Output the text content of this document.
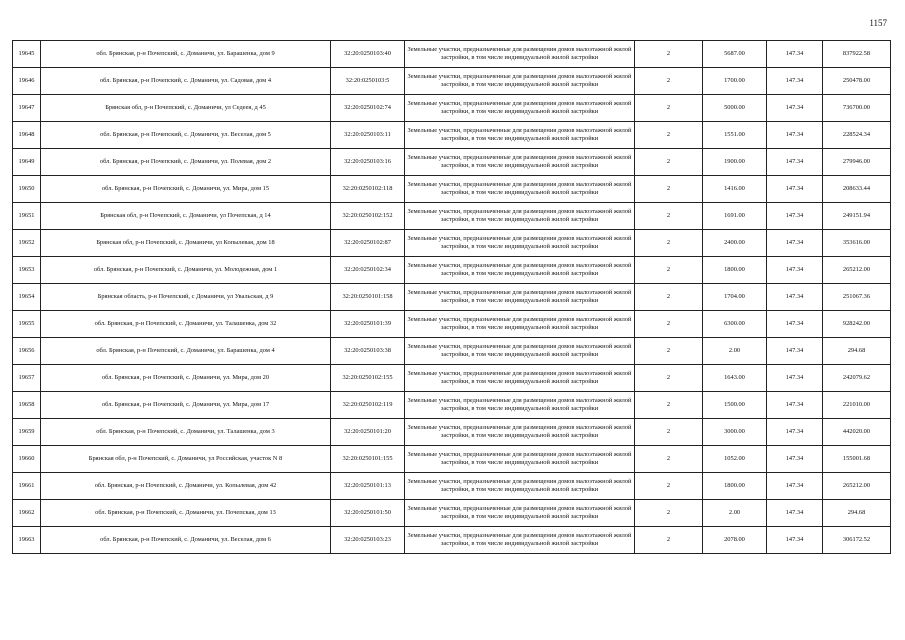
1157
19645	обл. Брянская, р-н Почепский, с. Доманичи, ул. Барашенка, дом 9	32:20:0250103:40	Земельные участки, предназначенные для размещения домов малоэтажной жилой застройки, в том числе индивидуальной жилой застройки	2	5687.00	147.34	837922.58
19646	обл. Брянская, р-н Почепский, с. Доманичи, ул. Садовая, дом 4	32:20:0250103:5	Земельные участки, предназначенные для размещения домов малоэтажной жилой застройки, в том числе индивидуальной жилой застройки	2	1700.00	147.34	250478.00
19647	Брянская обл, р-н Почепский, с. Доманичи, ул Седеея, д 45	32:20:0250102:74	Земельные участки, предназначенные для размещения домов малоэтажной жилой застройки, в том числе индивидуальной жилой застройки	2	5000.00	147.34	736700.00
19648	обл. Брянская, р-н Почепский, с. Доманичи, ул. Веселая, дом 5	32:20:0250103:11	Земельные участки, предназначенные для размещения домов малоэтажной жилой застройки, в том числе индивидуальной жилой застройки	2	1551.00	147.34	228524.34
19649	обл. Брянская, р-н Почепский, с. Доманичи, ул. Полевая, дом 2	32:20:0250103:16	Земельные участки, предназначенные для размещения домов малоэтажной жилой застройки, в том числе индивидуальной жилой застройки	2	1900.00	147.34	279946.00
19650	обл. Брянская, р-н Почепский, с. Доманичи, ул. Мира, дом 15	32:20:0250102:118	Земельные участки, предназначенные для размещения домов малоэтажной жилой застройки, в том числе индивидуальной жилой застройки	2	1416.00	147.34	208633.44
19651	Брянская обл, р-н Почепский, с. Доманичи, ул Почепская, д 14	32:20:0250102:152	Земельные участки, предназначенные для размещения домов малоэтажной жилой застройки, в том числе индивидуальной жилой застройки	2	1691.00	147.34	249151.94
19652	Брянская обл, р-н Почепский, с. Доманичи, ул Копылевая, дом 18	32:20:0250102:87	Земельные участки, предназначенные для размещения домов малоэтажной жилой застройки, в том числе индивидуальной жилой застройки	2	2400.00	147.34	353616.00
19653	обл. Брянская, р-н Почепский, с. Доманичи, ул. Молодежная, дом 1	32:20:0250102:34	Земельные участки, предназначенные для размещения домов малоэтажной жилой застройки, в том числе индивидуальной жилой застройки	2	1800.00	147.34	265212.00
19654	Брянская область, р-н Почепский, с Доманичи, ул Увальская, д 9	32:20:0250101:158	Земельные участки, предназначенные для размещения домов малоэтажной жилой застройки, в том числе индивидуальной жилой застройки	2	1704.00	147.34	251067.36
19655	обл. Брянская, р-н Почепский, с. Доманичи, ул. Талашенка, дом 32	32:20:0250101:39	Земельные участки, предназначенные для размещения домов малоэтажной жилой застройки, в том числе индивидуальной жилой застройки	2	6300.00	147.34	928242.00
19656	обл. Брянская, р-н Почепский, с. Доманичи, ул. Барашенка, дом 4	32:20:0250103:38	Земельные участки, предназначенные для размещения домов малоэтажной жилой застройки, в том числе индивидуальной жилой застройки	2	2.00	147.34	294.68
19657	обл. Брянская, р-н Почепский, с. Доманичи, ул. Мира, дом 20	32:20:0250102:155	Земельные участки, предназначенные для размещения домов малоэтажной жилой застройки, в том числе индивидуальной жилой застройки	2	1643.00	147.34	242079.62
19658	обл. Брянская, р-н Почепский, с. Доманичи, ул. Мира, дом 17	32:20:0250102:119	Земельные участки, предназначенные для размещения домов малоэтажной жилой застройки, в том числе индивидуальной жилой застройки	2	1500.00	147.34	221010.00
19659	обл. Брянская, р-н Почепский, с. Доманичи, ул. Талашенка, дом 3	32:20:0250101:20	Земельные участки, предназначенные для размещения домов малоэтажной жилой застройки, в том числе индивидуальной жилой застройки	2	3000.00	147.34	442020.00
19660	Брянская обл, р-н Почепский, с. Доманичи, ул Российская, участок N 8	32:20:0250101:155	Земельные участки, предназначенные для размещения домов малоэтажной жилой застройки, в том числе индивидуальной жилой застройки	2	1052.00	147.34	155001.68
19661	обл. Брянская, р-н Почепский, с. Доманичи, ул. Копылевая, дом 42	32:20:0250101:13	Земельные участки, предназначенные для размещения домов малоэтажной жилой застройки, в том числе индивидуальной жилой застройки	2	1800.00	147.34	265212.00
19662	обл. Брянская, р-н Почепский, с. Доманичи, ул. Почепская, дом 13	32:20:0250101:50	Земельные участки, предназначенные для размещения домов малоэтажной жилой застройки, в том числе индивидуальной жилой застройки	2	2.00	147.34	294.68
19663	обл. Брянская, р-н Почепский, с. Доманичи, ул. Веселая, дом 6	32:20:0250103:23	Земельные участки, предназначенные для размещения домов малоэтажной жилой застройки, в том числе индивидуальной жилой застройки	2	2078.00	147.34	306172.52
